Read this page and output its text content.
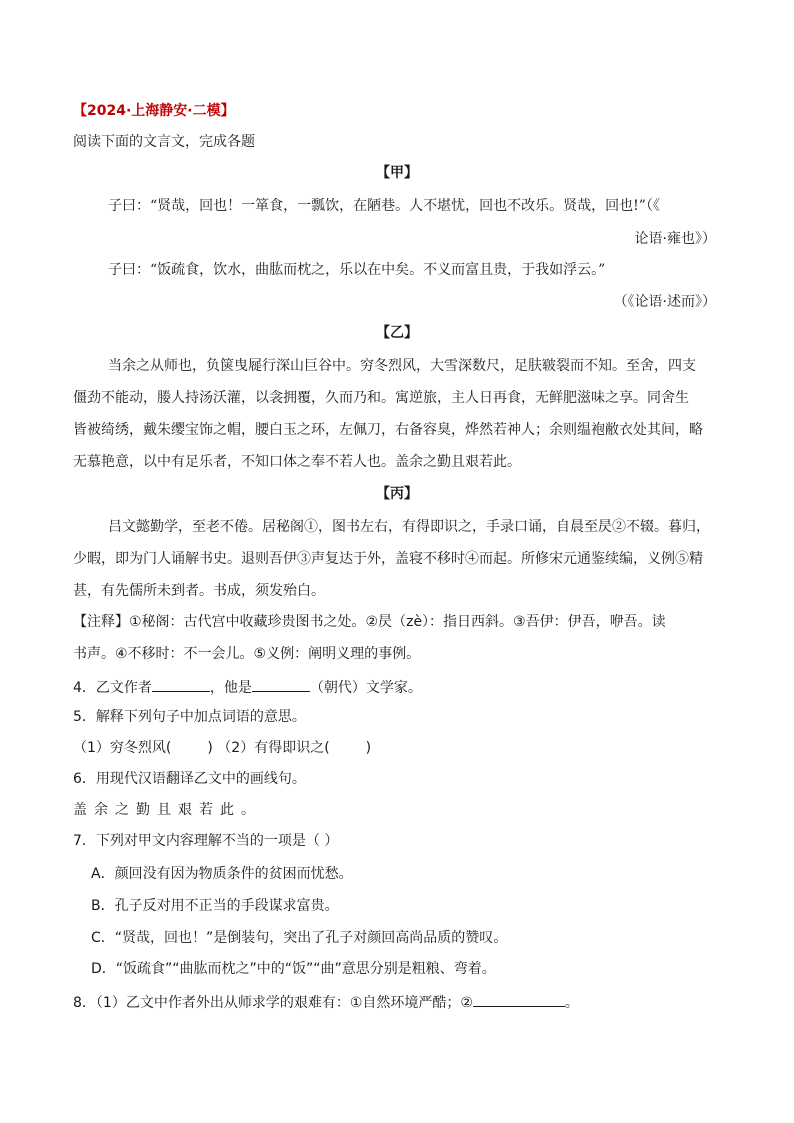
【2024·上海静安·二模】
阅读下面的文言文，完成各题
【甲】
子曰：“贤哉，回也！一箪食，一瓢饮，在陋巷。人不堪忧，回也不改乐。贤哉，回也!”（《
论语·雍也》）
子曰：“饭疏食，饮水，曲肱而枕之，乐以在中矣。不义而富且贵，于我如浮云。”
（《论语·述而》）
【乙】
当余之从师也，负箧曳屣行深山巨谷中。穷冬烈风，大雪深数尺，足肤皲裂而不知。至舍，四支
僵劲不能动，媵人持汤沃灌，以衾拥覆，久而乃和。寓逆旅，主人日再食，无鲜肥滋味之享。同舍生
皆被绮绣，戴朱缨宝饰之帽，腰白玉之环，左佩刀，右备容臭，烨然若神人；余则缊袍敝衣处其间，略
无慕艳意，以中有足乐者，不知口体之奉不若人也。盖余之勤且艰若此。
【丙】
吕文懿勤学，至老不倦。居秘阁①，图书左右，有得即识之，手录口诵，自晨至昃②不辍。暮归，
少暇，即为门人诵解书史。退则吾伊③声复达于外，盖寝不移时④而起。所修宋元通鉴续编，义例⑤精
甚，有先儒所未到者。书成，须发殆白。
【注释】①秘阁：古代宫中收藏珍贵图书之处。②昃（zè）：指日西斜。③吾伊：伊吾，咿吾。读
书声。④不移时：不一会儿。⑤义例：阐明义理的事例。
4．乙文作者	，他是	（朝代）文学家。
5．解释下列句子中加点词语的意思。
（1）穷冬烈风(	) （2）有得即识之(	)
6．用现代汉语翻译乙文中的画线句。
盖余之勤且艰若此。
7．下列对甲文内容理解不当的一项是（ ）
A．颜回没有因为物质条件的贫困而忧愁。
B．孔子反对用不正当的手段谋求富贵。
C．“贤哉，回也！”是倒装句，突出了孔子对颜回高尚品质的赞叹。
D．“饭疏食”“曲肱而枕之”中的“饭”“曲”意思分别是粗粮、弯着。
8．（1）乙文中作者外出从师求学的艰难有：①自然环境严酷；②	。
